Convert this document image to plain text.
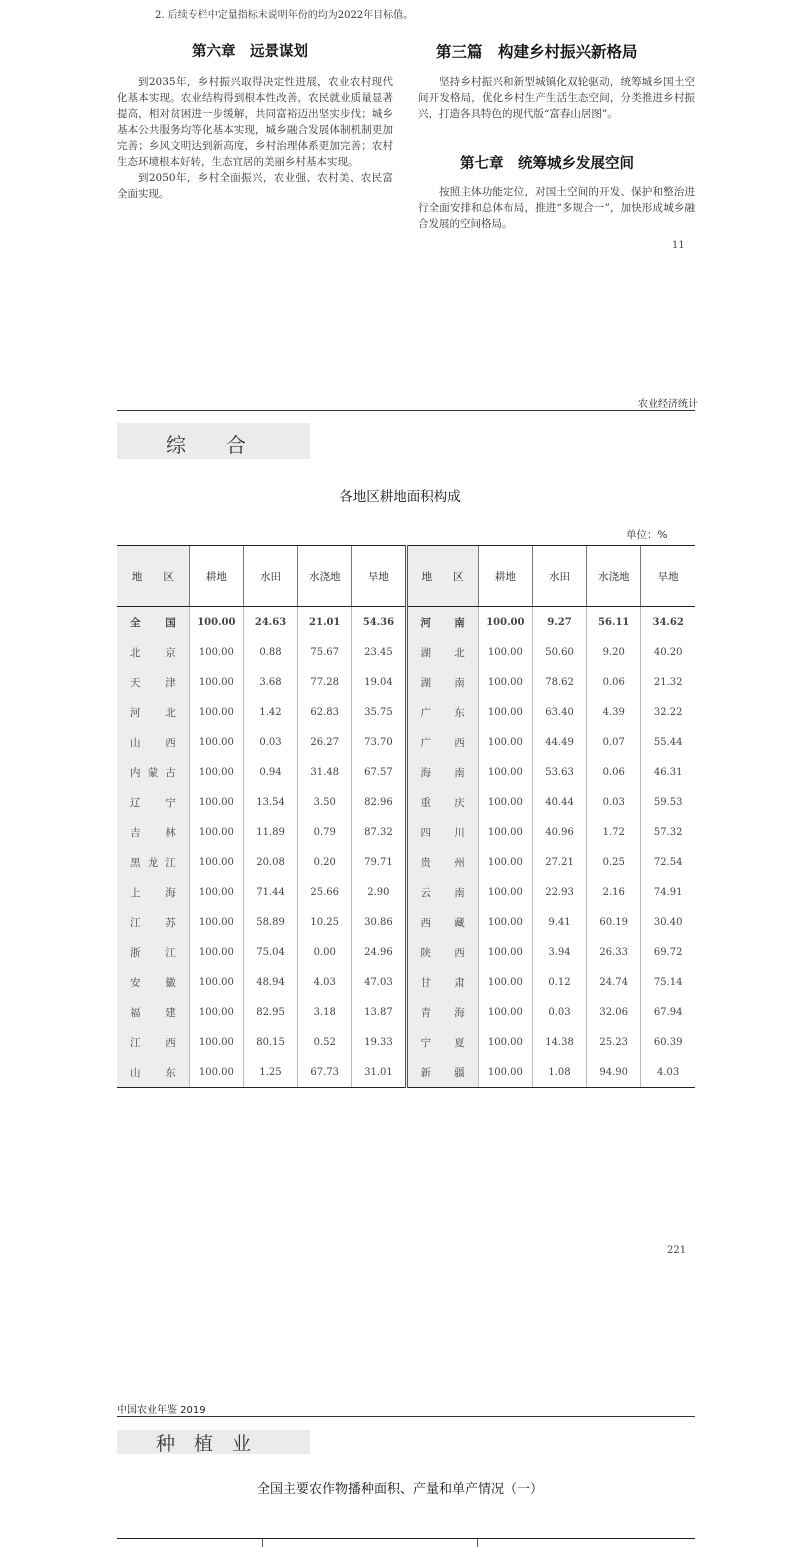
2. 后续专栏中定量指标未说明年份的均为2022年目标值。
第六章　远景谋划

到2035年，乡村振兴取得决定性进展，农业农村现代化基本实现。农业结构得到根本性改善，农民就业质量显著提高，相对贫困进一步缓解，共同富裕迈出坚实步伐；城乡基本公共服务均等化基本实现，城乡融合发展体制机制更加完善；乡风文明达到新高度，乡村治理体系更加完善；农村生态环境根本好转，生态宜居的美丽乡村基本实现。

到2050年，乡村全面振兴，农业强、农村美、农民富全面实现。

第三篇　构建乡村振兴新格局

坚持乡村振兴和新型城镇化双轮驱动，统筹城乡国土空间开发格局，优化乡村生产生活生态空间，分类推进乡村振兴，打造各具特色的现代版“富春山居图”。

第七章　统筹城乡发展空间

按照主体功能定位，对国土空间的开发、保护和整治进行全面安排和总体布局，推进“多规合一”，加快形成城乡融合发展的空间格局。

11
农业经济统计
综　　合
各地区耕地面积构成
单位：%
地　　区	耕地	水田	水浇地	旱地	地　　区	耕地	水田	水浇地	旱地

全 国	100.00	24.63	21.01	54.36	河 南	100.00	9.27	56.11	34.62

北 京	100.00	0.88	75.67	23.45	湖 北	100.00	50.60	9.20	40.20

天 津	100.00	3.68	77.28	19.04	湖 南	100.00	78.62	0.06	21.32

河 北	100.00	1.42	62.83	35.75	广 东	100.00	63.40	4.39	32.22

山 西	100.00	0.03	26.27	73.70	广 西	100.00	44.49	0.07	55.44

内 蒙 古	100.00	0.94	31.48	67.57	海 南	100.00	53.63	0.06	46.31

辽 宁	100.00	13.54	3.50	82.96	重 庆	100.00	40.44	0.03	59.53

吉 林	100.00	11.89	0.79	87.32	四 川	100.00	40.96	1.72	57.32

黑 龙 江	100.00	20.08	0.20	79.71	贵 州	100.00	27.21	0.25	72.54

上 海	100.00	71.44	25.66	2.90	云 南	100.00	22.93	2.16	74.91

江 苏	100.00	58.89	10.25	30.86	西 藏	100.00	9.41	60.19	30.40

浙 江	100.00	75.04	0.00	24.96	陕 西	100.00	3.94	26.33	69.72

安 徽	100.00	48.94	4.03	47.03	甘 肃	100.00	0.12	24.74	75.14

福 建	100.00	82.95	3.18	13.87	青 海	100.00	0.03	32.06	67.94

江 西	100.00	80.15	0.52	19.33	宁 夏	100.00	14.38	25.23	60.39

山 东	100.00	1.25	67.73	31.01	新 疆	100.00	1.08	94.90	4.03
221
中国农业年鉴 2019
种　植　业
全国主要农作物播种面积、产量和单产情况（一）
